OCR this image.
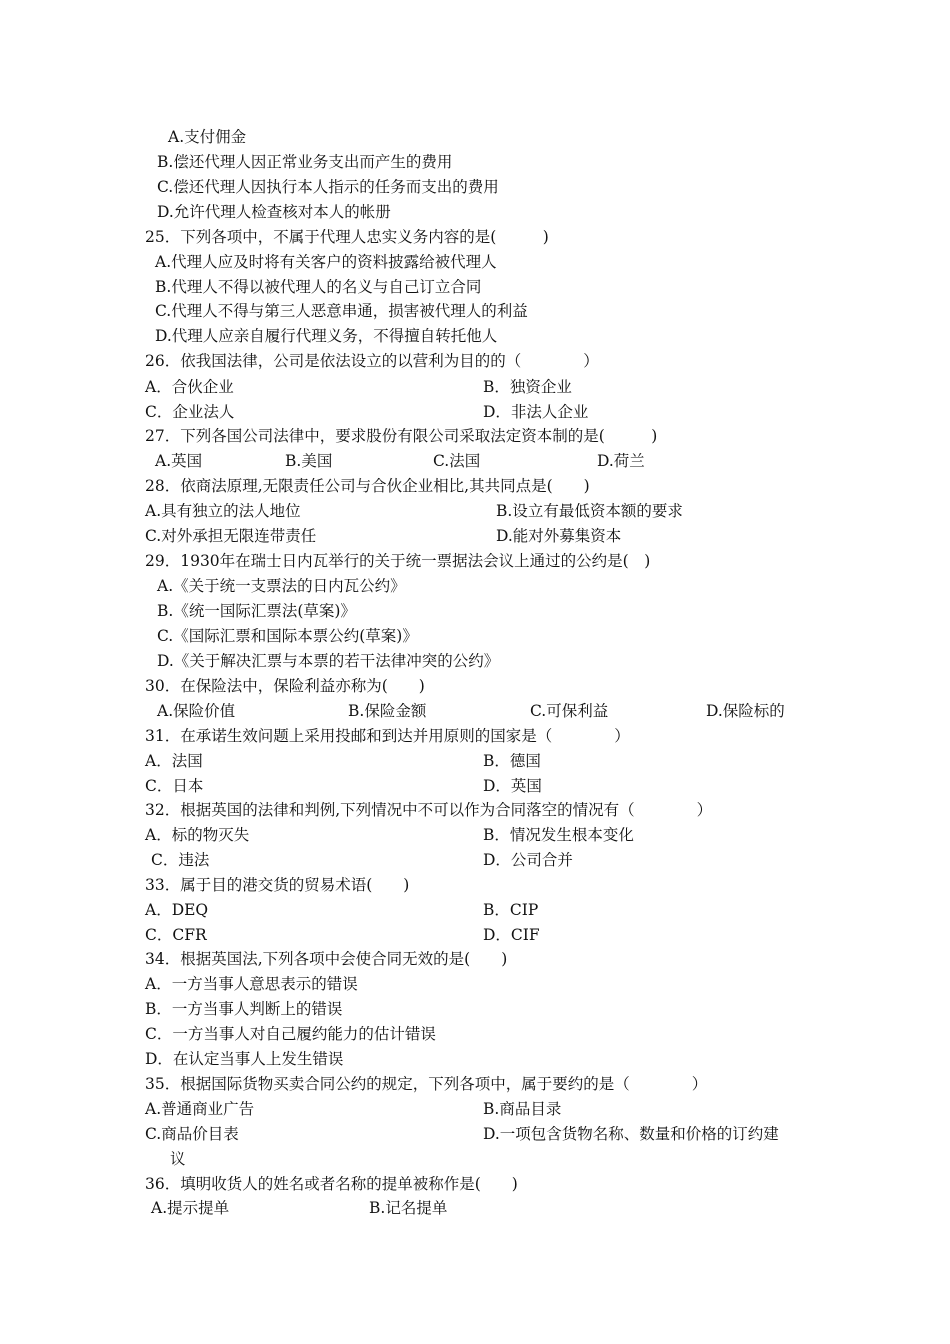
A.支付佣金
B.偿还代理人因正常业务支出而产生的费用
C.偿还代理人因执行本人指示的任务而支出的费用
D.允许代理人检查核对本人的帐册
25．下列各项中，不属于代理人忠实义务内容的是(　　　)
A.代理人应及时将有关客户的资料披露给被代理人
B.代理人不得以被代理人的名义与自己订立合同
C.代理人不得与第三人恶意串通，损害被代理人的利益
D.代理人应亲自履行代理义务，不得擅自转托他人
26．依我国法律，公司是依法设立的以营利为目的的（　　　　）
A．合伙企业	B．独资企业
C．企业法人	D．非法人企业
27．下列各国公司法律中，要求股份有限公司采取法定资本制的是(　　　)
A.英国	B.美国	C.法国	D.荷兰
28．依商法原理,无限责任公司与合伙企业相比,其共同点是(　　)
A.具有独立的法人地位	B.设立有最低资本额的要求
C.对外承担无限连带责任	D.能对外募集资本
29．1930年在瑞士日内瓦举行的关于统一票据法会议上通过的公约是(　)
A.《关于统一支票法的日内瓦公约》
B.《统一国际汇票法(草案)》
C.《国际汇票和国际本票公约(草案)》
D.《关于解决汇票与本票的若干法律冲突的公约》
30．在保险法中，保险利益亦称为(　　)
A.保险价值	B.保险金额	C.可保利益	D.保险标的
31．在承诺生效问题上采用投邮和到达并用原则的国家是（　　　　）
A．法国	B．德国
C．日本	D．英国
32．根据英国的法律和判例,下列情况中不可以作为合同落空的情况有（　　　　）
A．标的物灭失	B．情况发生根本变化
C．违法	D．公司合并
33．属于目的港交货的贸易术语(　　)
A．DEQ	B．CIP
C．CFR	D．CIF
34．根据英国法,下列各项中会使合同无效的是(　　)
A．一方当事人意思表示的错误
B．一方当事人判断上的错误
C．一方当事人对自己履约能力的估计错误
D．在认定当事人上发生错误
35．根据国际货物买卖合同公约的规定，下列各项中，属于要约的是（　　　　）
A.普通商业广告	B.商品目录
C.商品价目表	D.一项包含货物名称、数量和价格的订约建
议
36．填明收货人的姓名或者名称的提单被称作是(　　)
A.提示提单	B.记名提单
